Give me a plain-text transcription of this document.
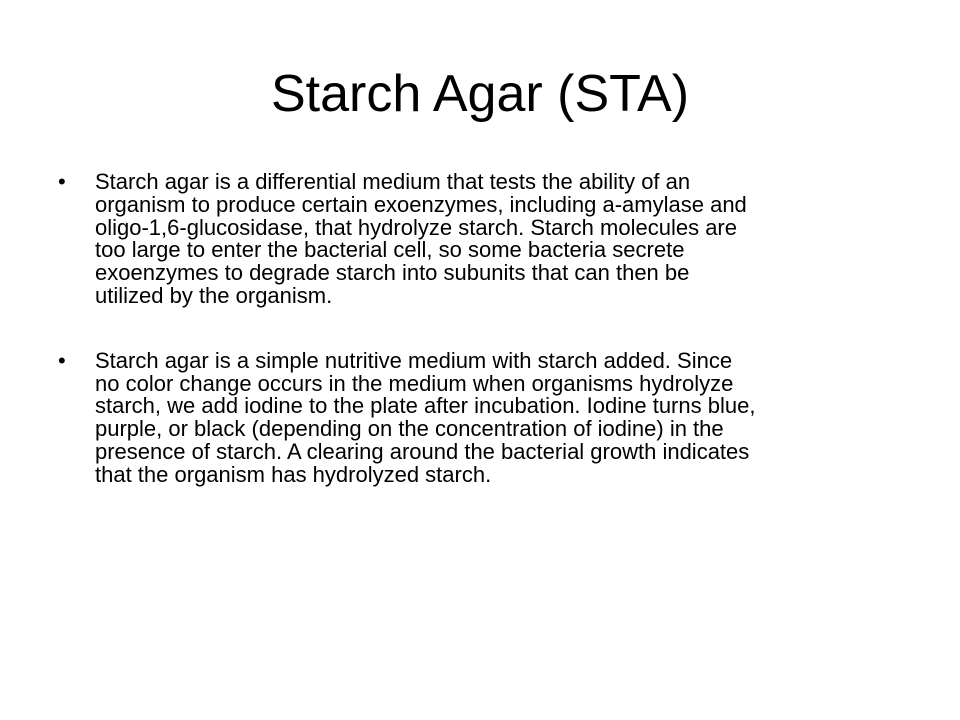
Starch Agar (STA)
• Starch agar is a differential medium that tests the ability of an
organism to produce certain exoenzymes, including a-amylase and
oligo-1,6-glucosidase, that hydrolyze starch. Starch molecules are
too large to enter the bacterial cell, so some bacteria secrete
exoenzymes to degrade starch into subunits that can then be
utilized by the organism.
• Starch agar is a simple nutritive medium with starch added. Since
no color change occurs in the medium when organisms hydrolyze
starch, we add iodine to the plate after incubation. Iodine turns blue,
purple, or black (depending on the concentration of iodine) in the
presence of starch. A clearing around the bacterial growth indicates
that the organism has hydrolyzed starch.
